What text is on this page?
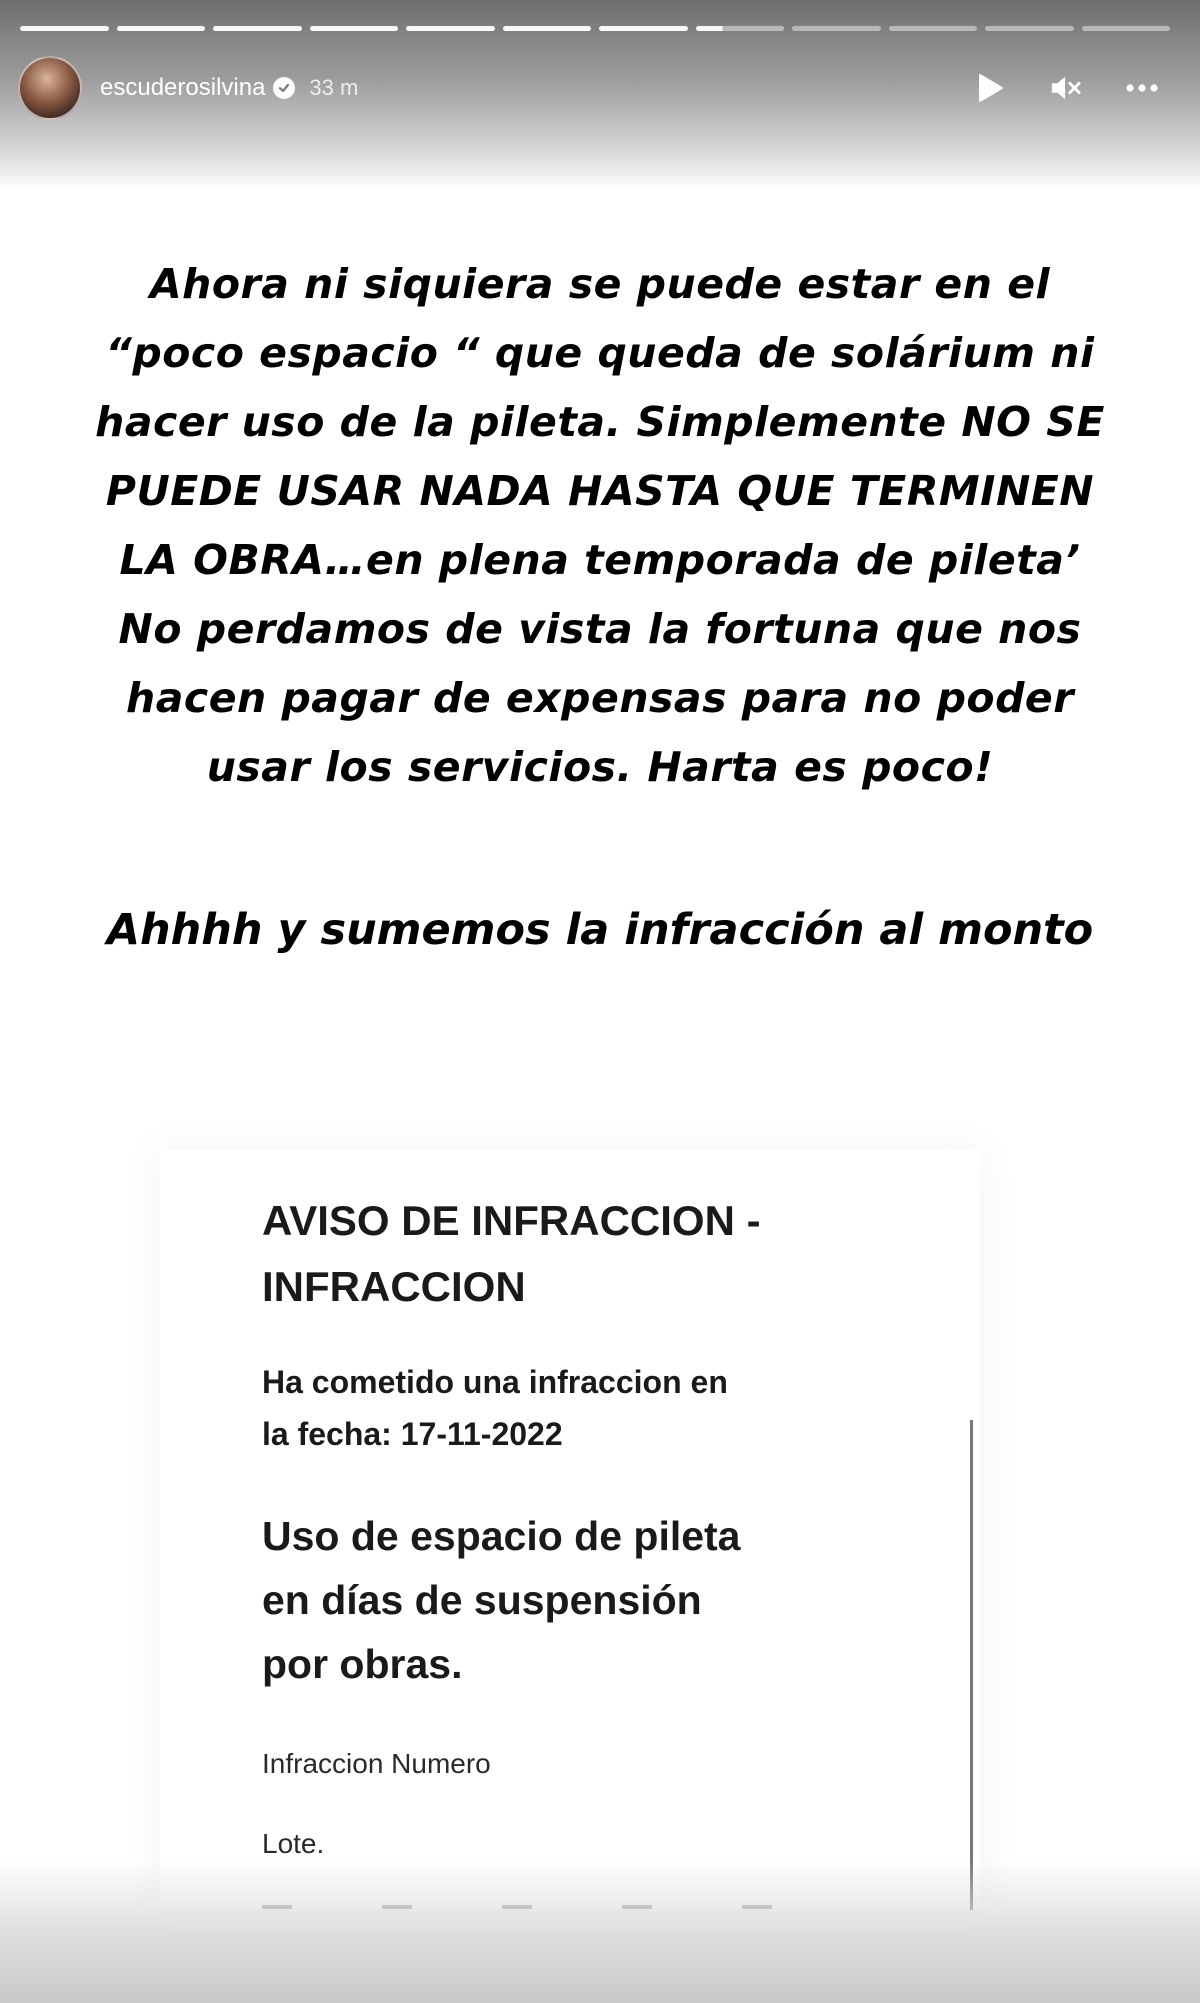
escuderosilvina 33 m
Ahora ni siquiera se puede estar en el
“poco espacio “ que queda de solárium ni
hacer uso de la pileta. Simplemente NO SE
PUEDE USAR NADA HASTA QUE TERMINEN
LA OBRA…en plena temporada de pileta’
No perdamos de vista la fortuna que nos
hacen pagar de expensas para no poder
usar los servicios. Harta es poco!
Ahhhh y sumemos la infracción al monto
AVISO DE INFRACCION -
INFRACCION
Ha cometido una infraccion en
la fecha: 17-11-2022
Uso de espacio de pileta
en días de suspensión
por obras.
Infraccion Numero
Lote.
